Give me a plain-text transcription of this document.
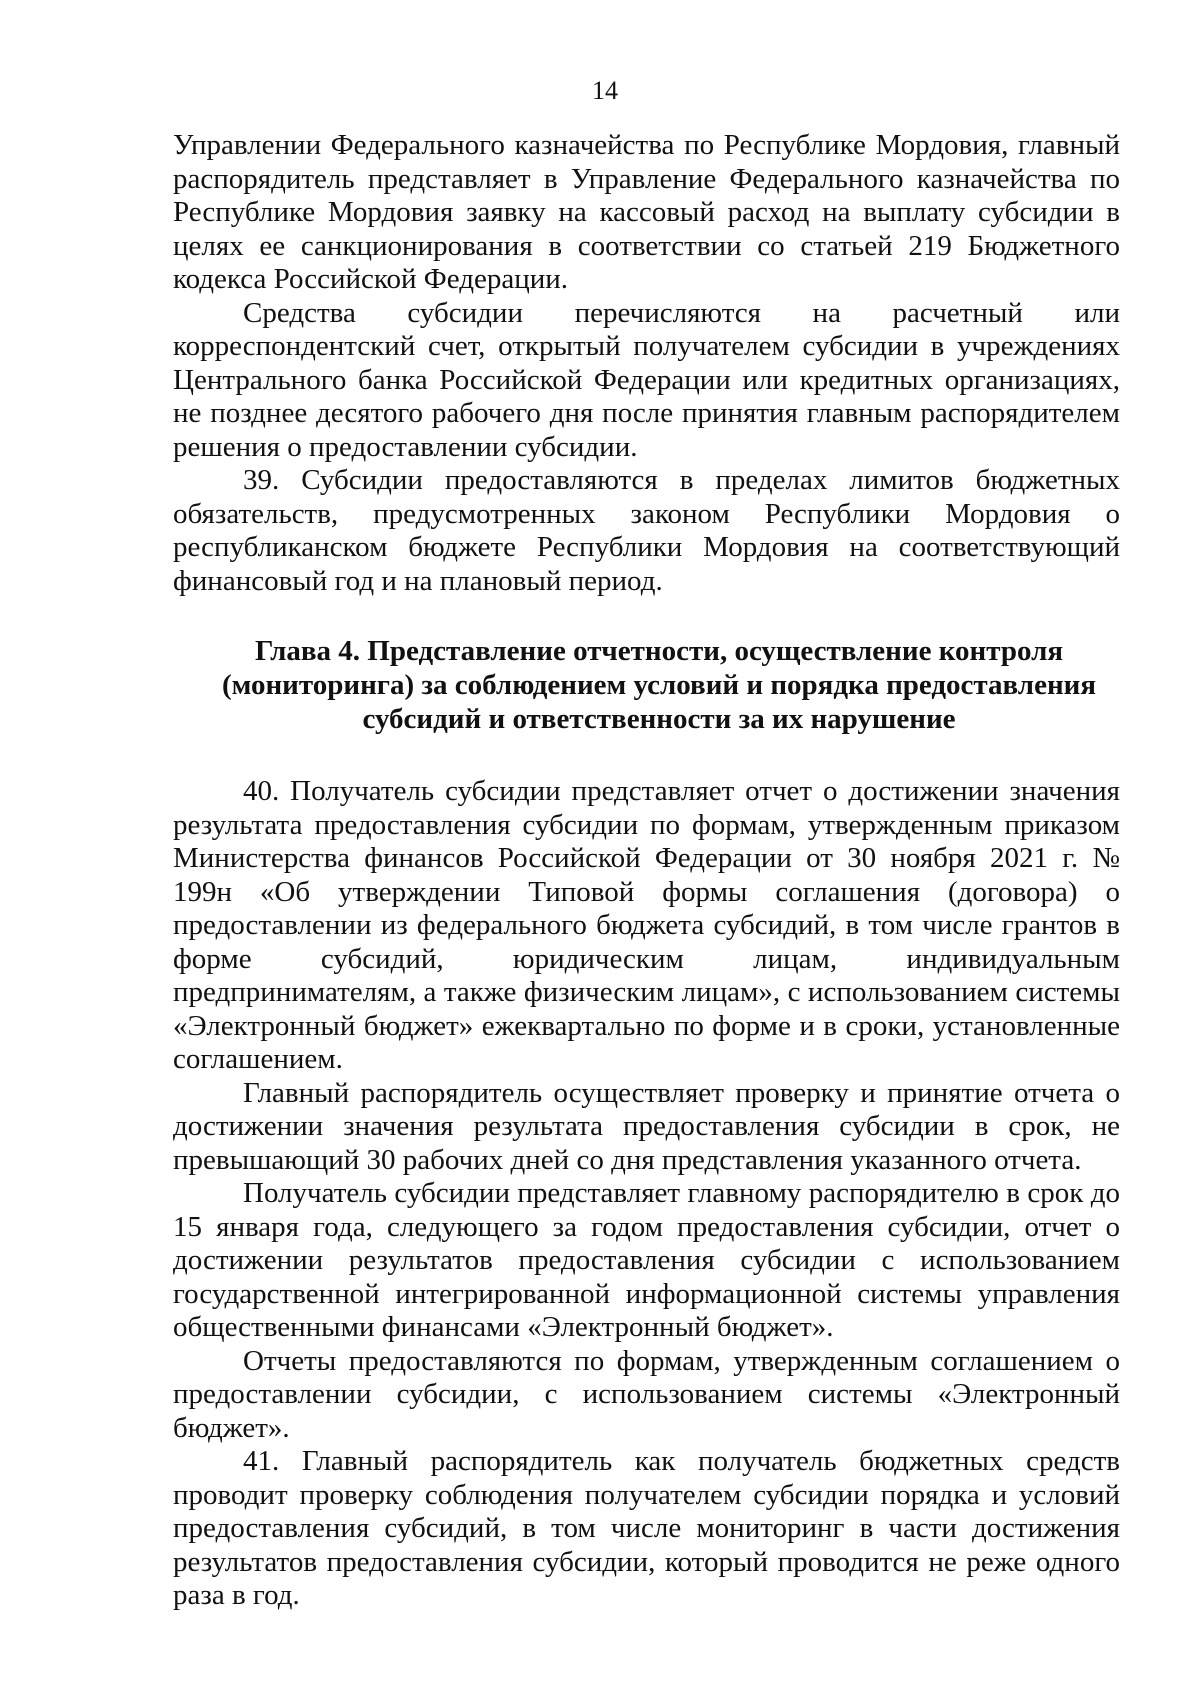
14

Управлении Федерального казначейства по Республике Мордовия, главный распорядитель представляет в Управление Федерального казначейства по Республике Мордовия заявку на кассовый расход на выплату субсидии в целях ее санкционирования в соответствии со статьей 219 Бюджетного кодекса Российской Федерации.

Средства субсидии перечисляются на расчетный или корреспондентский счет, открытый получателем субсидии в учреждениях Центрального банка Российской Федерации или кредитных организациях, не позднее десятого рабочего дня после принятия главным распорядителем решения о предоставлении субсидии.

39. Субсидии предоставляются в пределах лимитов бюджетных обязательств, предусмотренных законом Республики Мордовия о республиканском бюджете Республики Мордовия на соответствующий финансовый год и на плановый период.

Глава 4. Представление отчетности, осуществление контроля (мониторинга) за соблюдением условий и порядка предоставления субсидий и ответственности за их нарушение

40. Получатель субсидии представляет отчет о достижении значения результата предоставления субсидии по формам, утвержденным приказом Министерства финансов Российской Федерации от 30 ноября 2021 г. № 199н «Об утверждении Типовой формы соглашения (договора) о предоставлении из федерального бюджета субсидий, в том числе грантов в форме субсидий, юридическим лицам, индивидуальным предпринимателям, а также физическим лицам», с использованием системы «Электронный бюджет» ежеквартально по форме и в сроки, установленные соглашением.

Главный распорядитель осуществляет проверку и принятие отчета о достижении значения результата предоставления субсидии в срок, не превышающий 30 рабочих дней со дня представления указанного отчета.

Получатель субсидии представляет главному распорядителю в срок до 15 января года, следующего за годом предоставления субсидии, отчет о достижении результатов предоставления субсидии с использованием государственной интегрированной информационной системы управления общественными финансами «Электронный бюджет».

Отчеты предоставляются по формам, утвержденным соглашением о предоставлении субсидии, с использованием системы «Электронный бюджет».

41. Главный распорядитель как получатель бюджетных средств проводит проверку соблюдения получателем субсидии порядка и условий предоставления субсидий, в том числе мониторинг в части достижения результатов предоставления субсидии, который проводится не реже одного раза в год.
